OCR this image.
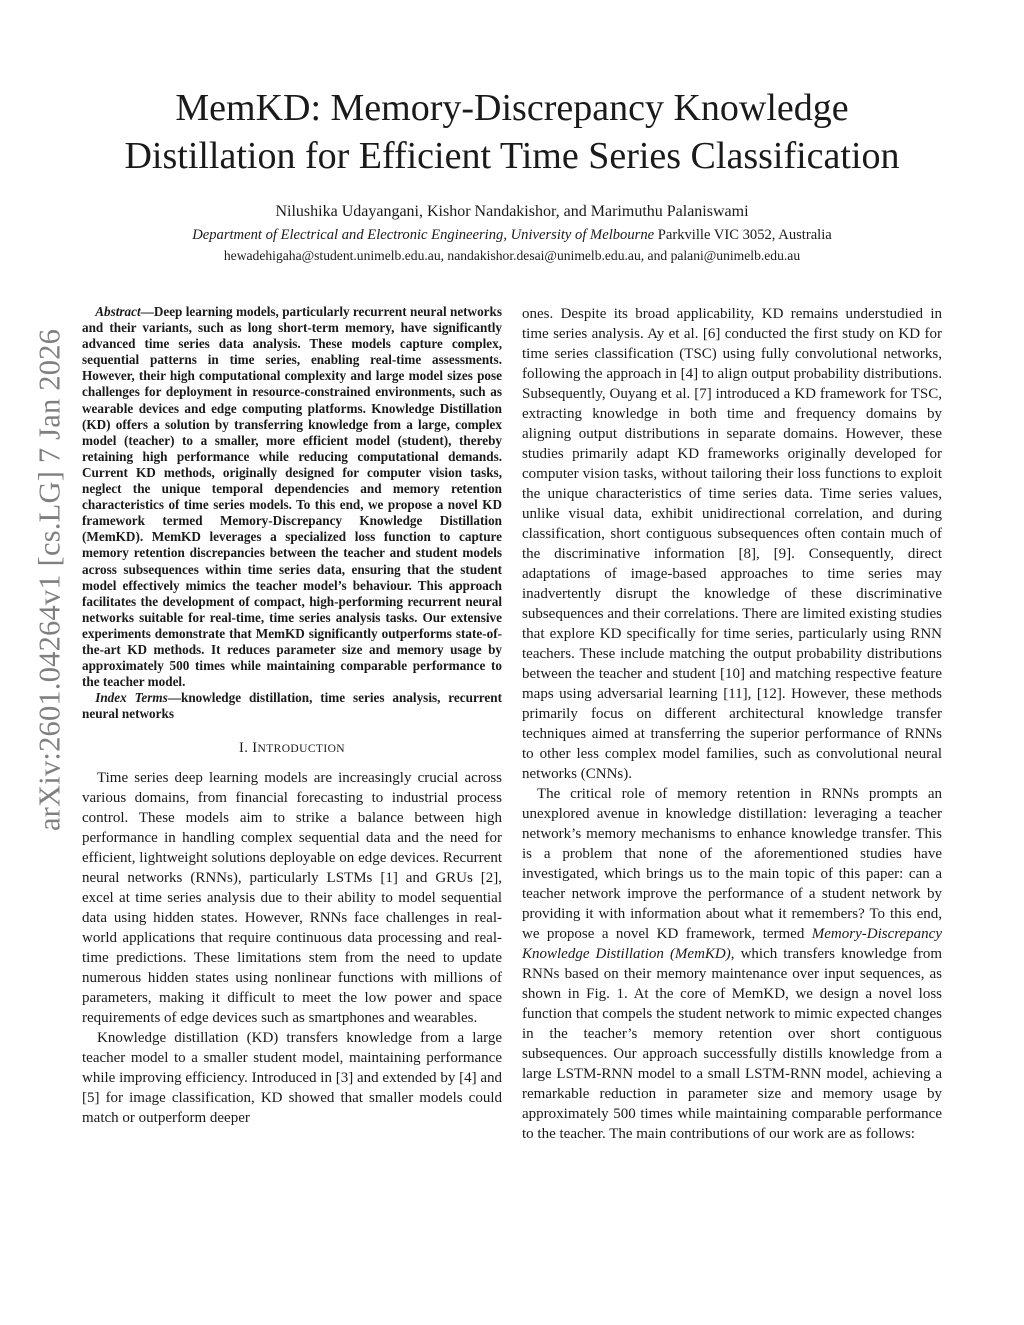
arXiv:2601.04264v1 [cs.LG] 7 Jan 2026
MemKD: Memory-Discrepancy Knowledge
Distillation for Efficient Time Series Classification
Nilushika Udayangani, Kishor Nandakishor, and Marimuthu Palaniswami
Department of Electrical and Electronic Engineering, University of Melbourne Parkville VIC 3052, Australia
hewadehigaha@student.unimelb.edu.au, nandakishor.desai@unimelb.edu.au, and palani@unimelb.edu.au

Abstract—Deep learning models, particularly recurrent neural networks and their variants, such as long short-term memory, have significantly advanced time series data analysis. These models capture complex, sequential patterns in time series, enabling real-time assessments. However, their high computational complexity and large model sizes pose challenges for deployment in resource-constrained environments, such as wearable devices and edge computing platforms. Knowledge Distillation (KD) offers a solution by transferring knowledge from a large, complex model (teacher) to a smaller, more efficient model (student), thereby retaining high performance while reducing computational demands. Current KD methods, originally designed for computer vision tasks, neglect the unique temporal dependencies and memory retention characteristics of time series models. To this end, we propose a novel KD framework termed Memory-Discrepancy Knowledge Distillation (MemKD). MemKD leverages a specialized loss function to capture memory retention discrepancies between the teacher and student models across subsequences within time series data, ensuring that the student model effectively mimics the teacher model’s behaviour. This approach facilitates the development of compact, high-performing recurrent neural networks suitable for real-time, time series analysis tasks. Our extensive experiments demonstrate that MemKD significantly outperforms state-of-the-art KD methods. It reduces parameter size and memory usage by approximately 500 times while maintaining comparable performance to the teacher model.

Index Terms—knowledge distillation, time series analysis, recurrent neural networks

I. INTRODUCTION

Time series deep learning models are increasingly crucial across various domains, from financial forecasting to industrial process control. These models aim to strike a balance between high performance in handling complex sequential data and the need for efficient, lightweight solutions deployable on edge devices. Recurrent neural networks (RNNs), particularly LSTMs [1] and GRUs [2], excel at time series analysis due to their ability to model sequential data using hidden states. However, RNNs face challenges in real-world applications that require continuous data processing and real-time predictions. These limitations stem from the need to update numerous hidden states using nonlinear functions with millions of parameters, making it difficult to meet the low power and space requirements of edge devices such as smartphones and wearables.

Knowledge distillation (KD) transfers knowledge from a large teacher model to a smaller student model, maintaining performance while improving efficiency. Introduced in [3] and extended by [4] and [5] for image classification, KD showed that smaller models could match or outperform deeper

ones. Despite its broad applicability, KD remains understudied in time series analysis. Ay et al. [6] conducted the first study on KD for time series classification (TSC) using fully convolutional networks, following the approach in [4] to align output probability distributions. Subsequently, Ouyang et al. [7] introduced a KD framework for TSC, extracting knowledge in both time and frequency domains by aligning output distributions in separate domains. However, these studies primarily adapt KD frameworks originally developed for computer vision tasks, without tailoring their loss functions to exploit the unique characteristics of time series data. Time series values, unlike visual data, exhibit unidirectional correlation, and during classification, short contiguous subsequences often contain much of the discriminative information [8], [9]. Consequently, direct adaptations of image-based approaches to time series may inadvertently disrupt the knowledge of these discriminative subsequences and their correlations. There are limited existing studies that explore KD specifically for time series, particularly using RNN teachers. These include matching the output probability distributions between the teacher and student [10] and matching respective feature maps using adversarial learning [11], [12]. However, these methods primarily focus on different architectural knowledge transfer techniques aimed at transferring the superior performance of RNNs to other less complex model families, such as convolutional neural networks (CNNs).

The critical role of memory retention in RNNs prompts an unexplored avenue in knowledge distillation: leveraging a teacher network’s memory mechanisms to enhance knowledge transfer. This is a problem that none of the aforementioned studies have investigated, which brings us to the main topic of this paper: can a teacher network improve the performance of a student network by providing it with information about what it remembers? To this end, we propose a novel KD framework, termed Memory-Discrepancy Knowledge Distillation (MemKD), which transfers knowledge from RNNs based on their memory maintenance over input sequences, as shown in Fig. 1. At the core of MemKD, we design a novel loss function that compels the student network to mimic expected changes in the teacher’s memory retention over short contiguous subsequences. Our approach successfully distills knowledge from a large LSTM-RNN model to a small LSTM-RNN model, achieving a remarkable reduction in parameter size and memory usage by approximately 500 times while maintaining comparable performance to the teacher. The main contributions of our work are as follows:
